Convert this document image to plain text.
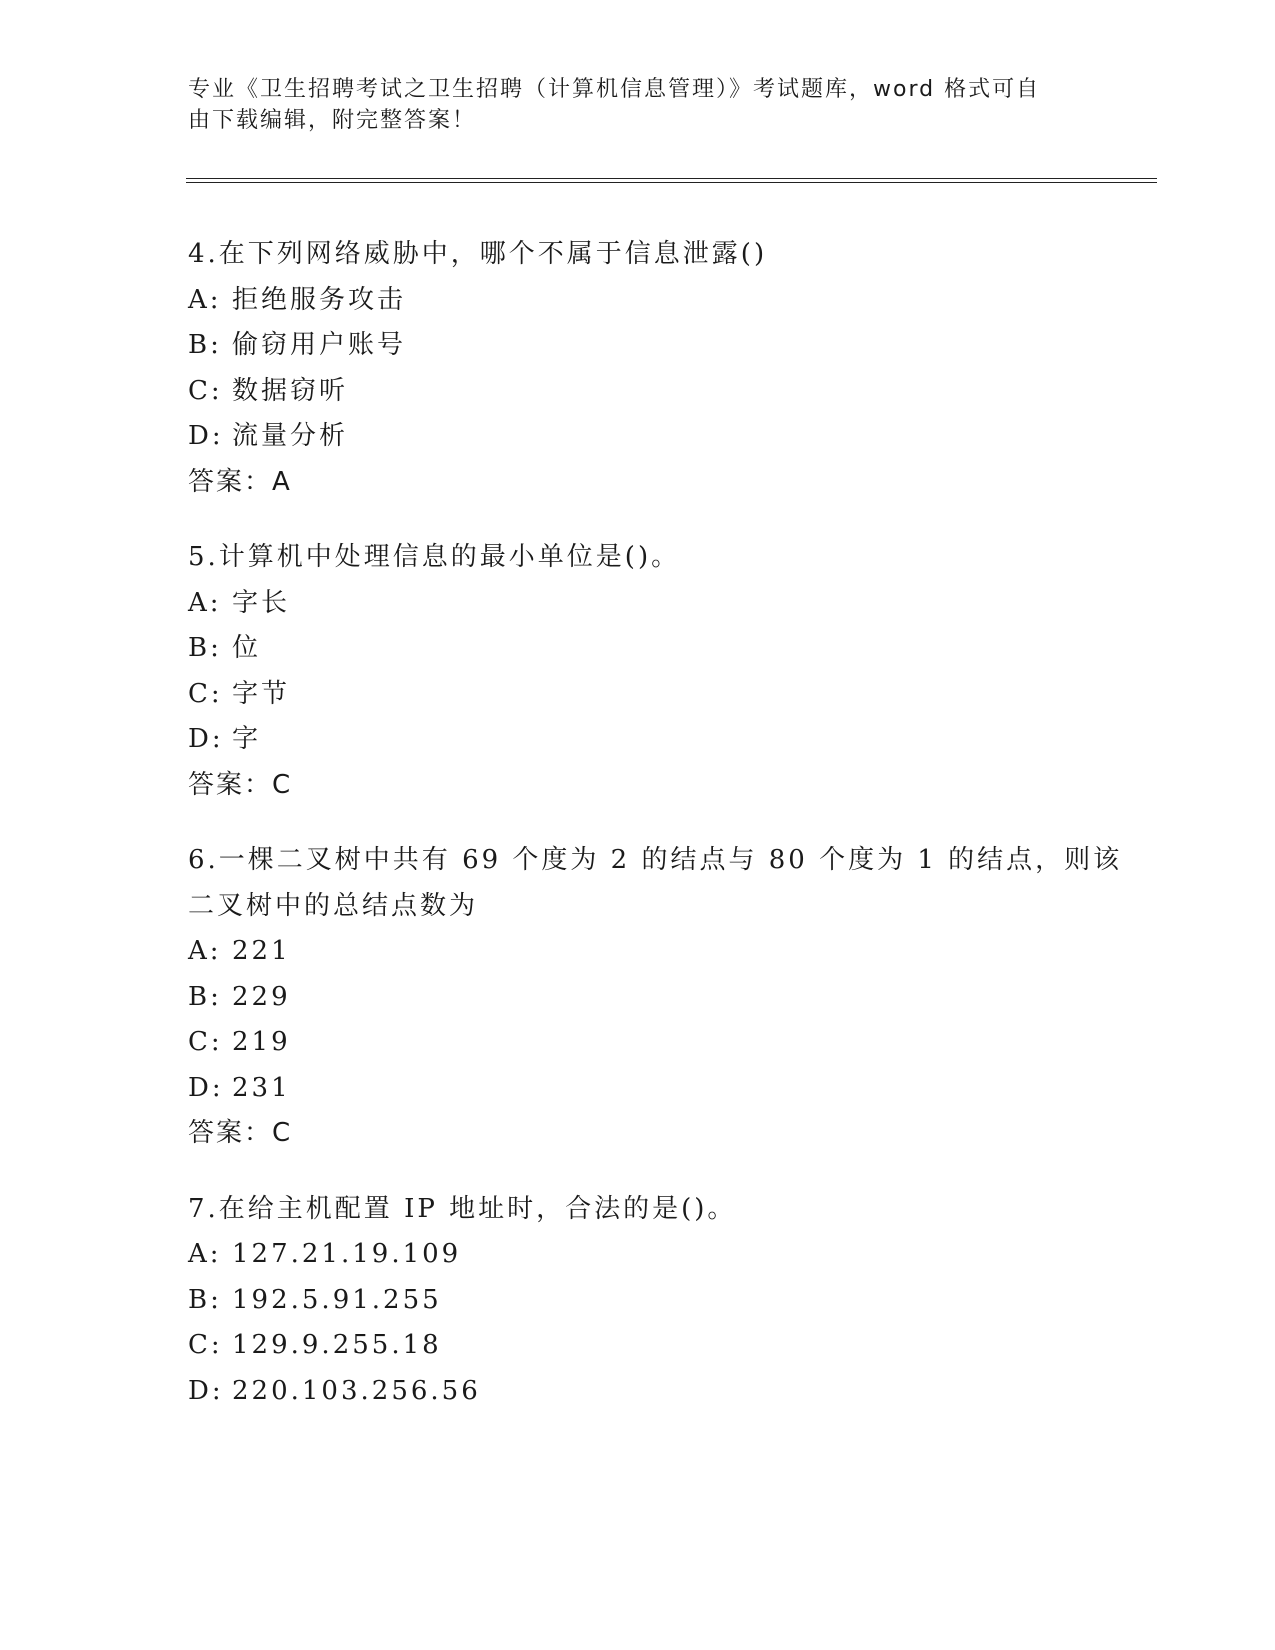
专业《卫生招聘考试之卫生招聘（计算机信息管理）》考试题库，word 格式可自
由下载编辑，附完整答案！
4.在下列网络威胁中，哪个不属于信息泄露()
A: 拒绝服务攻击
B: 偷窃用户账号
C: 数据窃听
D: 流量分析
答案：A
5.计算机中处理信息的最小单位是()。
A: 字长
B: 位
C: 字节
D: 字
答案：C
6.一棵二叉树中共有 69 个度为 2 的结点与 80 个度为 1 的结点，则该
二叉树中的总结点数为
A: 221
B: 229
C: 219
D: 231
答案：C
7.在给主机配置 IP 地址时，合法的是()。
A: 127.21.19.109
B: 192.5.91.255
C: 129.9.255.18
D: 220.103.256.56
